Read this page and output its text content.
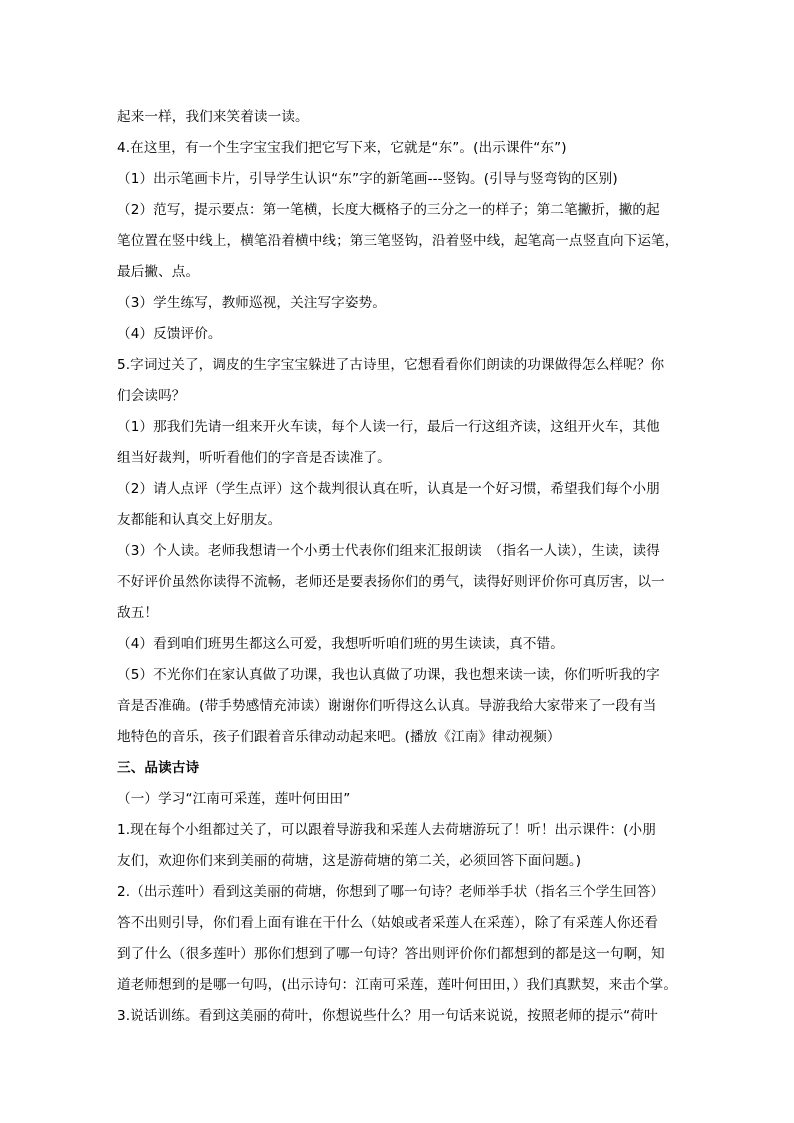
起来一样，我们来笑着读一读。
4.在这里，有一个生字宝宝我们把它写下来，它就是“东”。(出示课件“东”)
（1）出示笔画卡片，引导学生认识“东”字的新笔画---竖钩。(引导与竖弯钩的区别)
（2）范写，提示要点：第一笔横，长度大概格子的三分之一的样子；第二笔撇折，撇的起
笔位置在竖中线上，横笔沿着横中线；第三笔竖钩，沿着竖中线，起笔高一点竖直向下运笔，
最后撇、点。
（3）学生练写，教师巡视，关注写字姿势。
（4）反馈评价。
5.字词过关了，调皮的生字宝宝躲进了古诗里，它想看看你们朗读的功课做得怎么样呢？你
们会读吗？
（1）那我们先请一组来开火车读，每个人读一行，最后一行这组齐读，这组开火车，其他
组当好裁判，听听看他们的字音是否读准了。
（2）请人点评（学生点评）这个裁判很认真在听，认真是一个好习惯，希望我们每个小朋
友都能和认真交上好朋友。
（3）个人读。老师我想请一个小勇士代表你们组来汇报朗读　（指名一人读），生读，读得
不好评价虽然你读得不流畅，老师还是要表扬你们的勇气，读得好则评价你可真厉害，以一
敌五！
（4）看到咱们班男生都这么可爱，我想听听咱们班的男生读读，真不错。
（5）不光你们在家认真做了功课，我也认真做了功课，我也想来读一读，你们听听我的字
音是否准确。(带手势感情充沛读）谢谢你们听得这么认真。导游我给大家带来了一段有当
地特色的音乐，孩子们跟着音乐律动动起来吧。(播放《江南》律动视频）
三、品读古诗
（一）学习“江南可采莲，莲叶何田田”
1.现在每个小组都过关了，可以跟着导游我和采莲人去荷塘游玩了！听！出示课件：(小朋
友们，欢迎你们来到美丽的荷塘，这是游荷塘的第二关，必须回答下面问题。)
2.（出示莲叶）看到这美丽的荷塘，你想到了哪一句诗？老师举手状（指名三个学生回答）
答不出则引导，你们看上面有谁在干什么（姑娘或者采莲人在采莲），除了有采莲人你还看
到了什么（很多莲叶）那你们想到了哪一句诗？答出则评价你们都想到的都是这一句啊，知
道老师想到的是哪一句吗，(出示诗句：江南可采莲，莲叶何田田，）我们真默契，来击个掌。
3.说话训练。看到这美丽的荷叶，你想说些什么？用一句话来说说，按照老师的提示“荷叶
